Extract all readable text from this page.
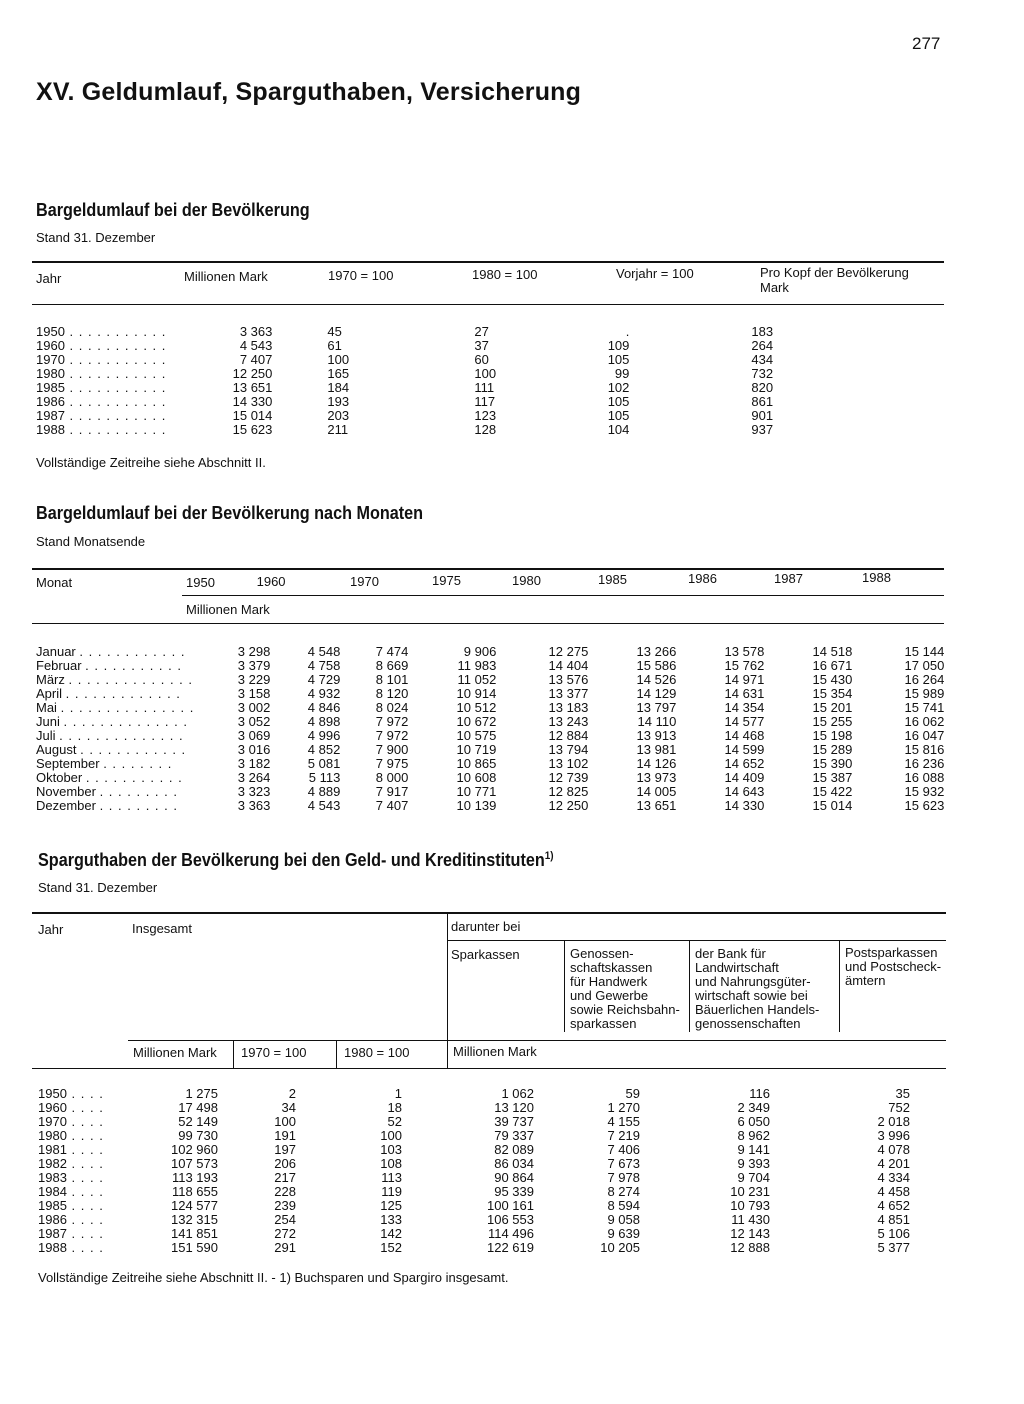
277
XV. Geldumlauf, Sparguthaben, Versicherung
Bargeldumlauf bei der Bevölkerung
Stand 31. Dezember
Jahr	Millionen Mark	1970 = 100	1980 = 100	Vorjahr = 100	Pro Kopf der Bevölkerung
Mark
1950 . . . . . . . . . . .	3 363		45		27		.		183
1960 . . . . . . . . . . .	4 543		61		37		109		264
1970 . . . . . . . . . . .	7 407		100		60		105		434
1980 . . . . . . . . . . .	12 250		165		100		99		732
1985 . . . . . . . . . . .	13 651		184		111		102		820
1986 . . . . . . . . . . .	14 330		193		117		105		861
1987 . . . . . . . . . . .	15 014		203		123		105		901
1988 . . . . . . . . . . .	15 623		211		128		104		937
Vollständige Zeitreihe siehe Abschnitt II.
Bargeldumlauf bei der Bevölkerung nach Monaten
Stand Monatsende
Monat	1950	 1960	1970	1975	1980	1985	1986	1987	1988
Millionen Mark
Januar . . . . . . . . . . . .	3 298	4 548	7 474	9 906	12 275	13 266	13 578	14 518	15 144
Februar . . . . . . . . . . .	3 379	4 758	8 669	11 983	14 404	15 586	15 762	16 671	17 050
März . . . . . . . . . . . . . .	3 229	4 729	8 101	11 052	13 576	14 526	14 971	15 430	16 264
April . . . . . . . . . . . . .	3 158	4 932	8 120	10 914	13 377	14 129	14 631	15 354	15 989
Mai . . . . . . . . . . . . . . .	3 002	4 846	8 024	10 512	13 183	13 797	14 354	15 201	15 741
Juni . . . . . . . . . . . . . .	3 052	4 898	7 972	10 672	13 243	14 110	14 577	15 255	16 062
Juli . . . . . . . . . . . . . .	3 069	4 996	7 972	10 575	12 884	13 913	14 468	15 198	16 047
August . . . . . . . . . . . .	3 016	4 852	7 900	10 719	13 794	13 981	14 599	15 289	15 816
September . . . . . . . .	3 182	5 081	7 975	10 865	13 102	14 126	14 652	15 390	16 236
Oktober . . . . . . . . . . .	3 264	5 113	8 000	10 608	12 739	13 973	14 409	15 387	16 088
November . . . . . . . . .	3 323	4 889	7 917	10 771	12 825	14 005	14 643	15 422	15 932
Dezember . . . . . . . . .	3 363	4 543	7 407	10 139	12 250	13 651	14 330	15 014	15 623
Sparguthaben der Bevölkerung bei den Geld- und Kreditinstituten$^{1)}$
Stand 31. Dezember
Jahr	Insgesamt	darunter bei
Sparkassen	Genossen-
schaftskassen
für Handwerk
und Gewerbe
sowie Reichsbahn-
sparkassen
der Bank für
Landwirtschaft
und Nahrungsgüter-
wirtschaft sowie bei
Bäuerlichen Handels-
genossenschaften
Postsparkassen
und Postscheck-
ämtern
Millionen Mark 1970 = 100	1980 = 100	Millionen Mark
1950 . . . .	1 275	2	1	1 062	59	116	35
1960 . . . .	17 498	34	18	13 120	1 270	2 349	752
1970 . . . .	52 149	100	52	39 737	4 155	6 050	2 018
1980 . . . .	99 730	191	100	79 337	7 219	8 962	3 996
1981 . . . .	102 960	197	103	82 089	7 406	9 141	4 078
1982 . . . .	107 573	206	108	86 034	7 673	9 393	4 201
1983 . . . .	113 193	217	113	90 864	7 978	9 704	4 334
1984 . . . .	118 655	228	119	95 339	8 274	10 231	4 458
1985 . . . .	124 577	239	125	100 161	8 594	10 793	4 652
1986 . . . .	132 315	254	133	106 553	9 058	11 430	4 851
1987 . . . .	141 851	272	142	114 496	9 639	12 143	5 106
1988 . . . .	151 590	291	152	122 619	10 205	12 888	5 377
Vollständige Zeitreihe siehe Abschnitt II. - 1) Buchsparen und Spargiro insgesamt.
